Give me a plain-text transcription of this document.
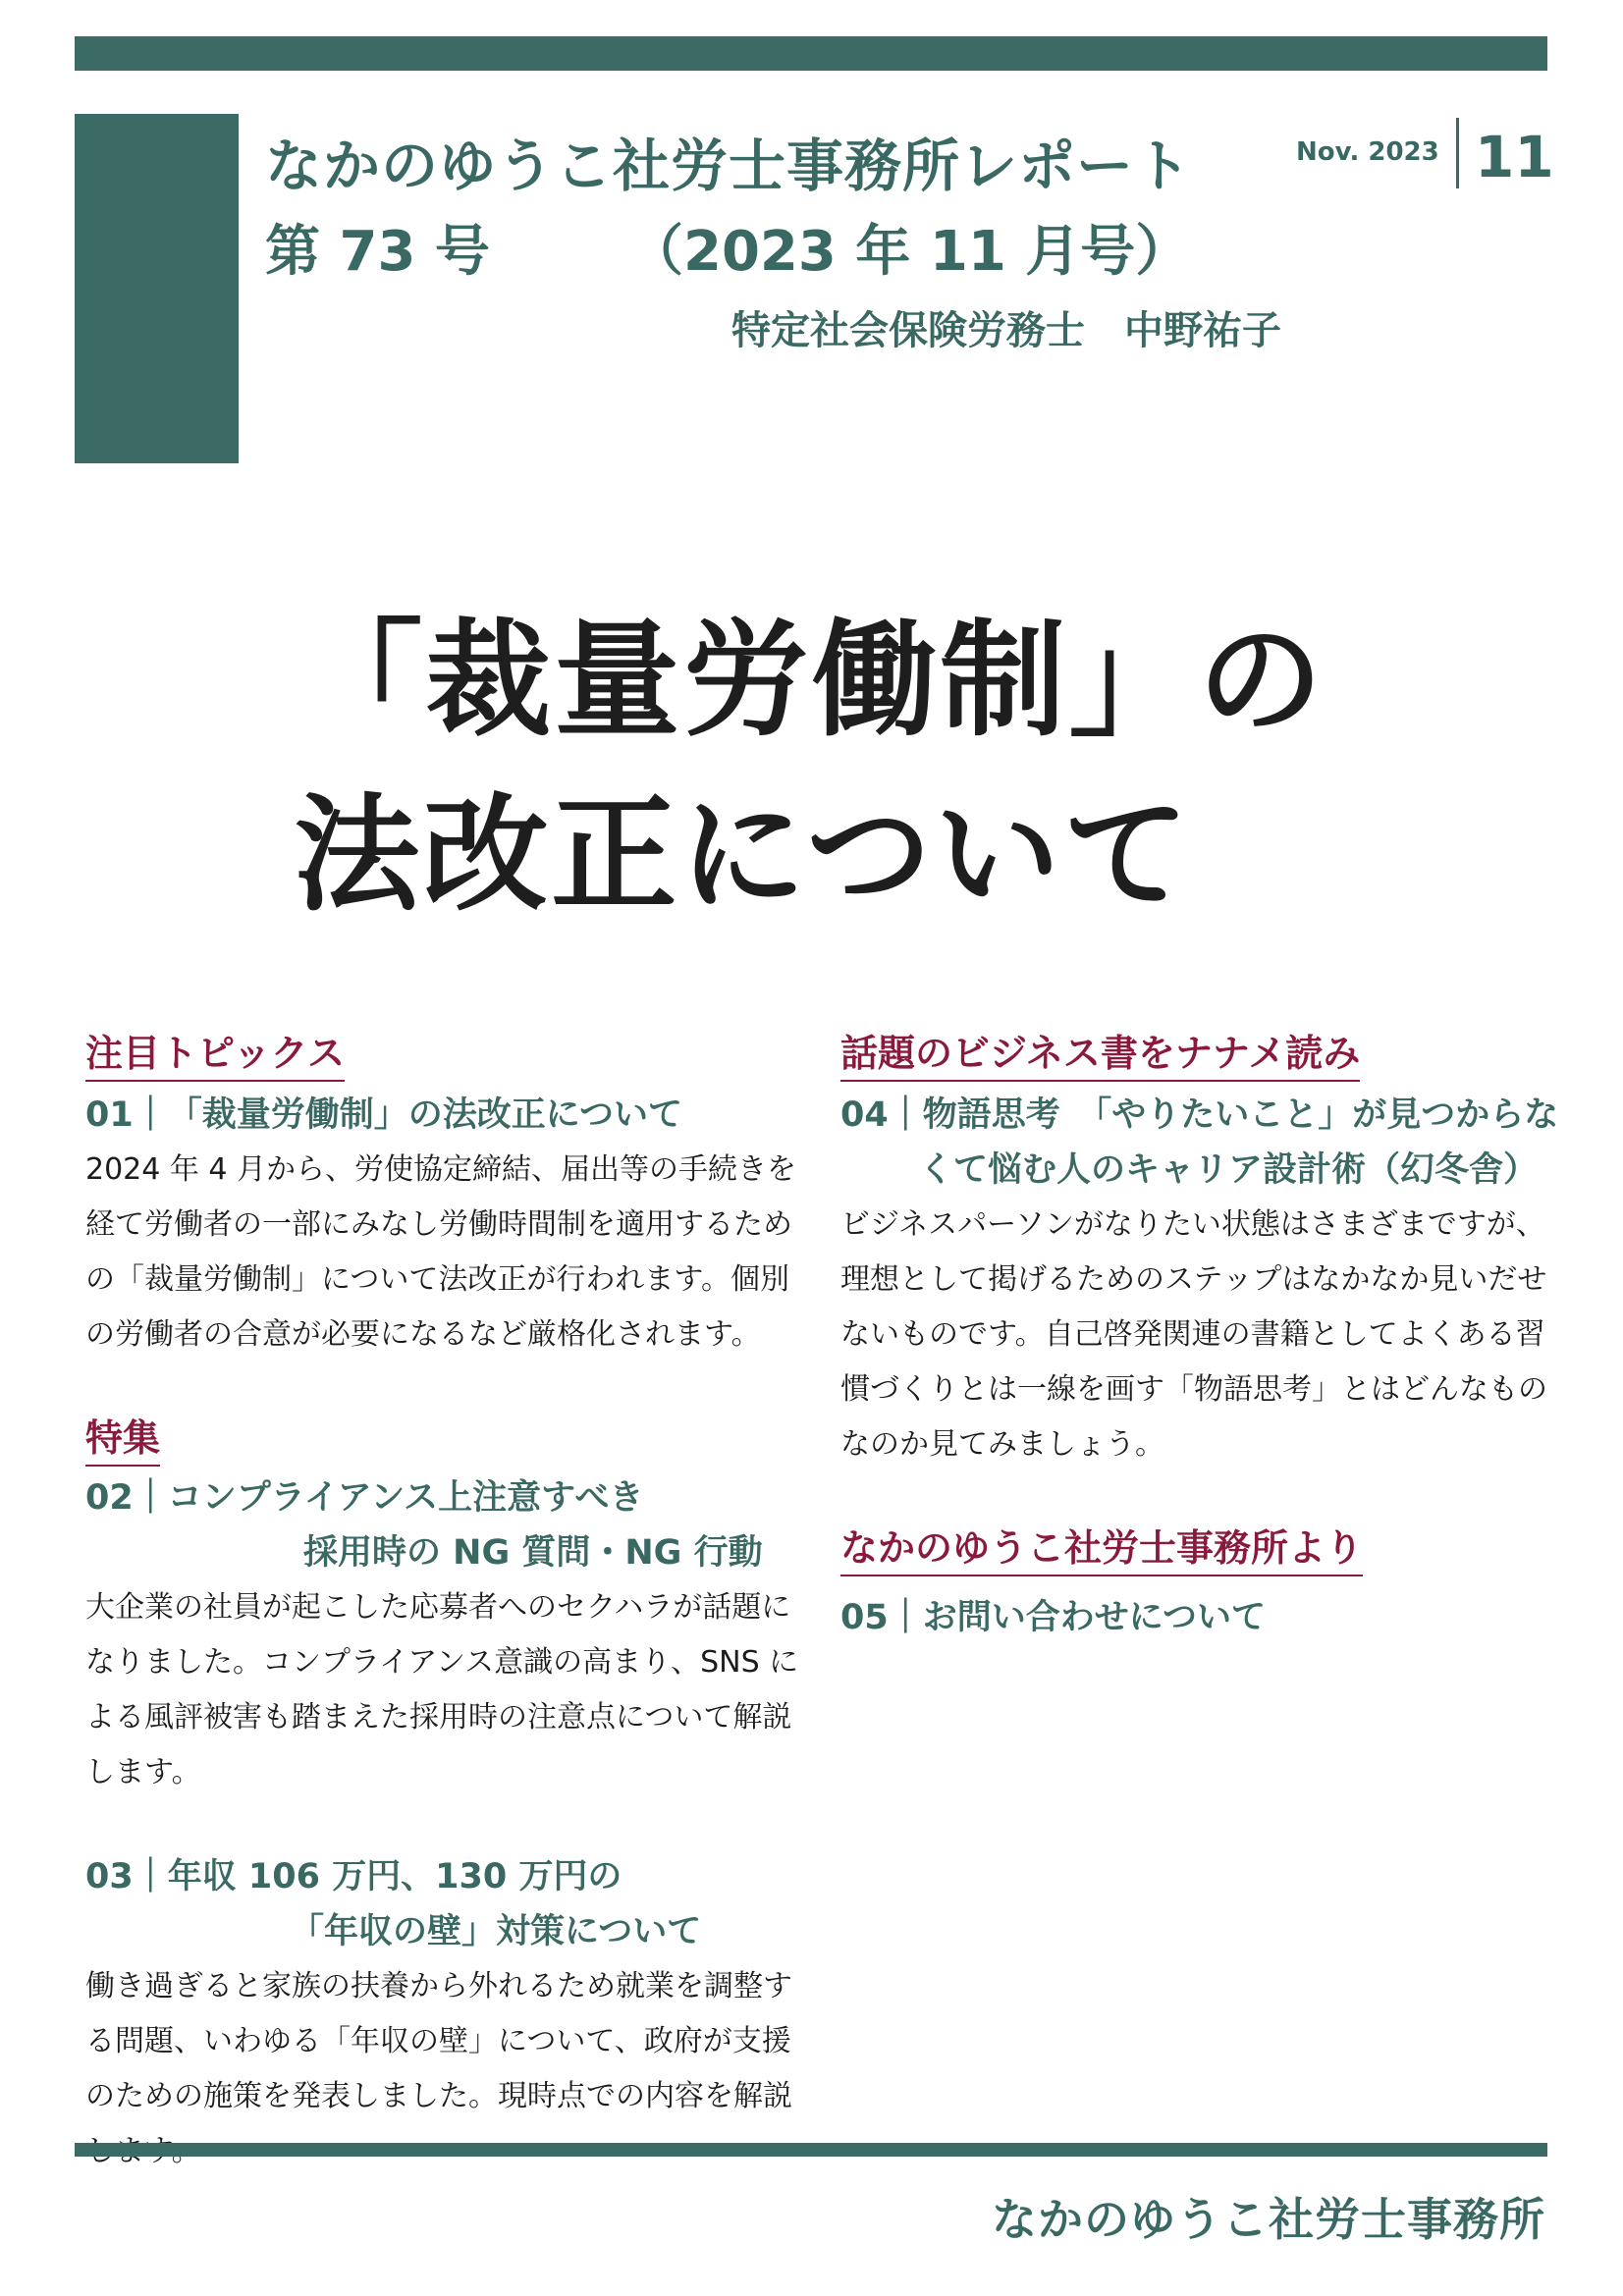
なかのゆうこ社労士事務所レポート
第 73 号	（2023 年 11 月号）
特定社会保険労務士　中野祐子
Nov. 2023 11
「裁量労働制」の
法改正について
注目トピックス
01｜「裁量労働制」の法改正について
2024 年 4 月から、労使協定締結、届出等の手続きを経て労働者の一部にみなし労働時間制を適用するための「裁量労働制」について法改正が行われます。個別の労働者の合意が必要になるなど厳格化されます。
特集
02｜コンプライアンス上注意すべき
採用時の NG 質問・NG 行動
大企業の社員が起こした応募者へのセクハラが話題になりました。コンプライアンス意識の高まり、SNS による風評被害も踏まえた採用時の注意点について解説します。
03｜年収 106 万円、130 万円の
「年収の壁」対策について
働き過ぎると家族の扶養から外れるため就業を調整する問題、いわゆる「年収の壁」について、政府が支援のための施策を発表しました。現時点での内容を解説
話題のビジネス書をナナメ読み
04｜物語思考　「やりたいこと」が見つからな
くて悩む人のキャリア設計術（幻冬舎）
ビジネスパーソンがなりたい状態はさまざまですが、理想として掲げるためのステップはなかなか見いだせないものです。自己啓発関連の書籍としてよくある習慣づくりとは一線を画す「物語思考」とはどんなものなのか見てみましょう。
なかのゆうこ社労士事務所より
05｜お問い合わせについて
なかのゆうこ社労士事務所
